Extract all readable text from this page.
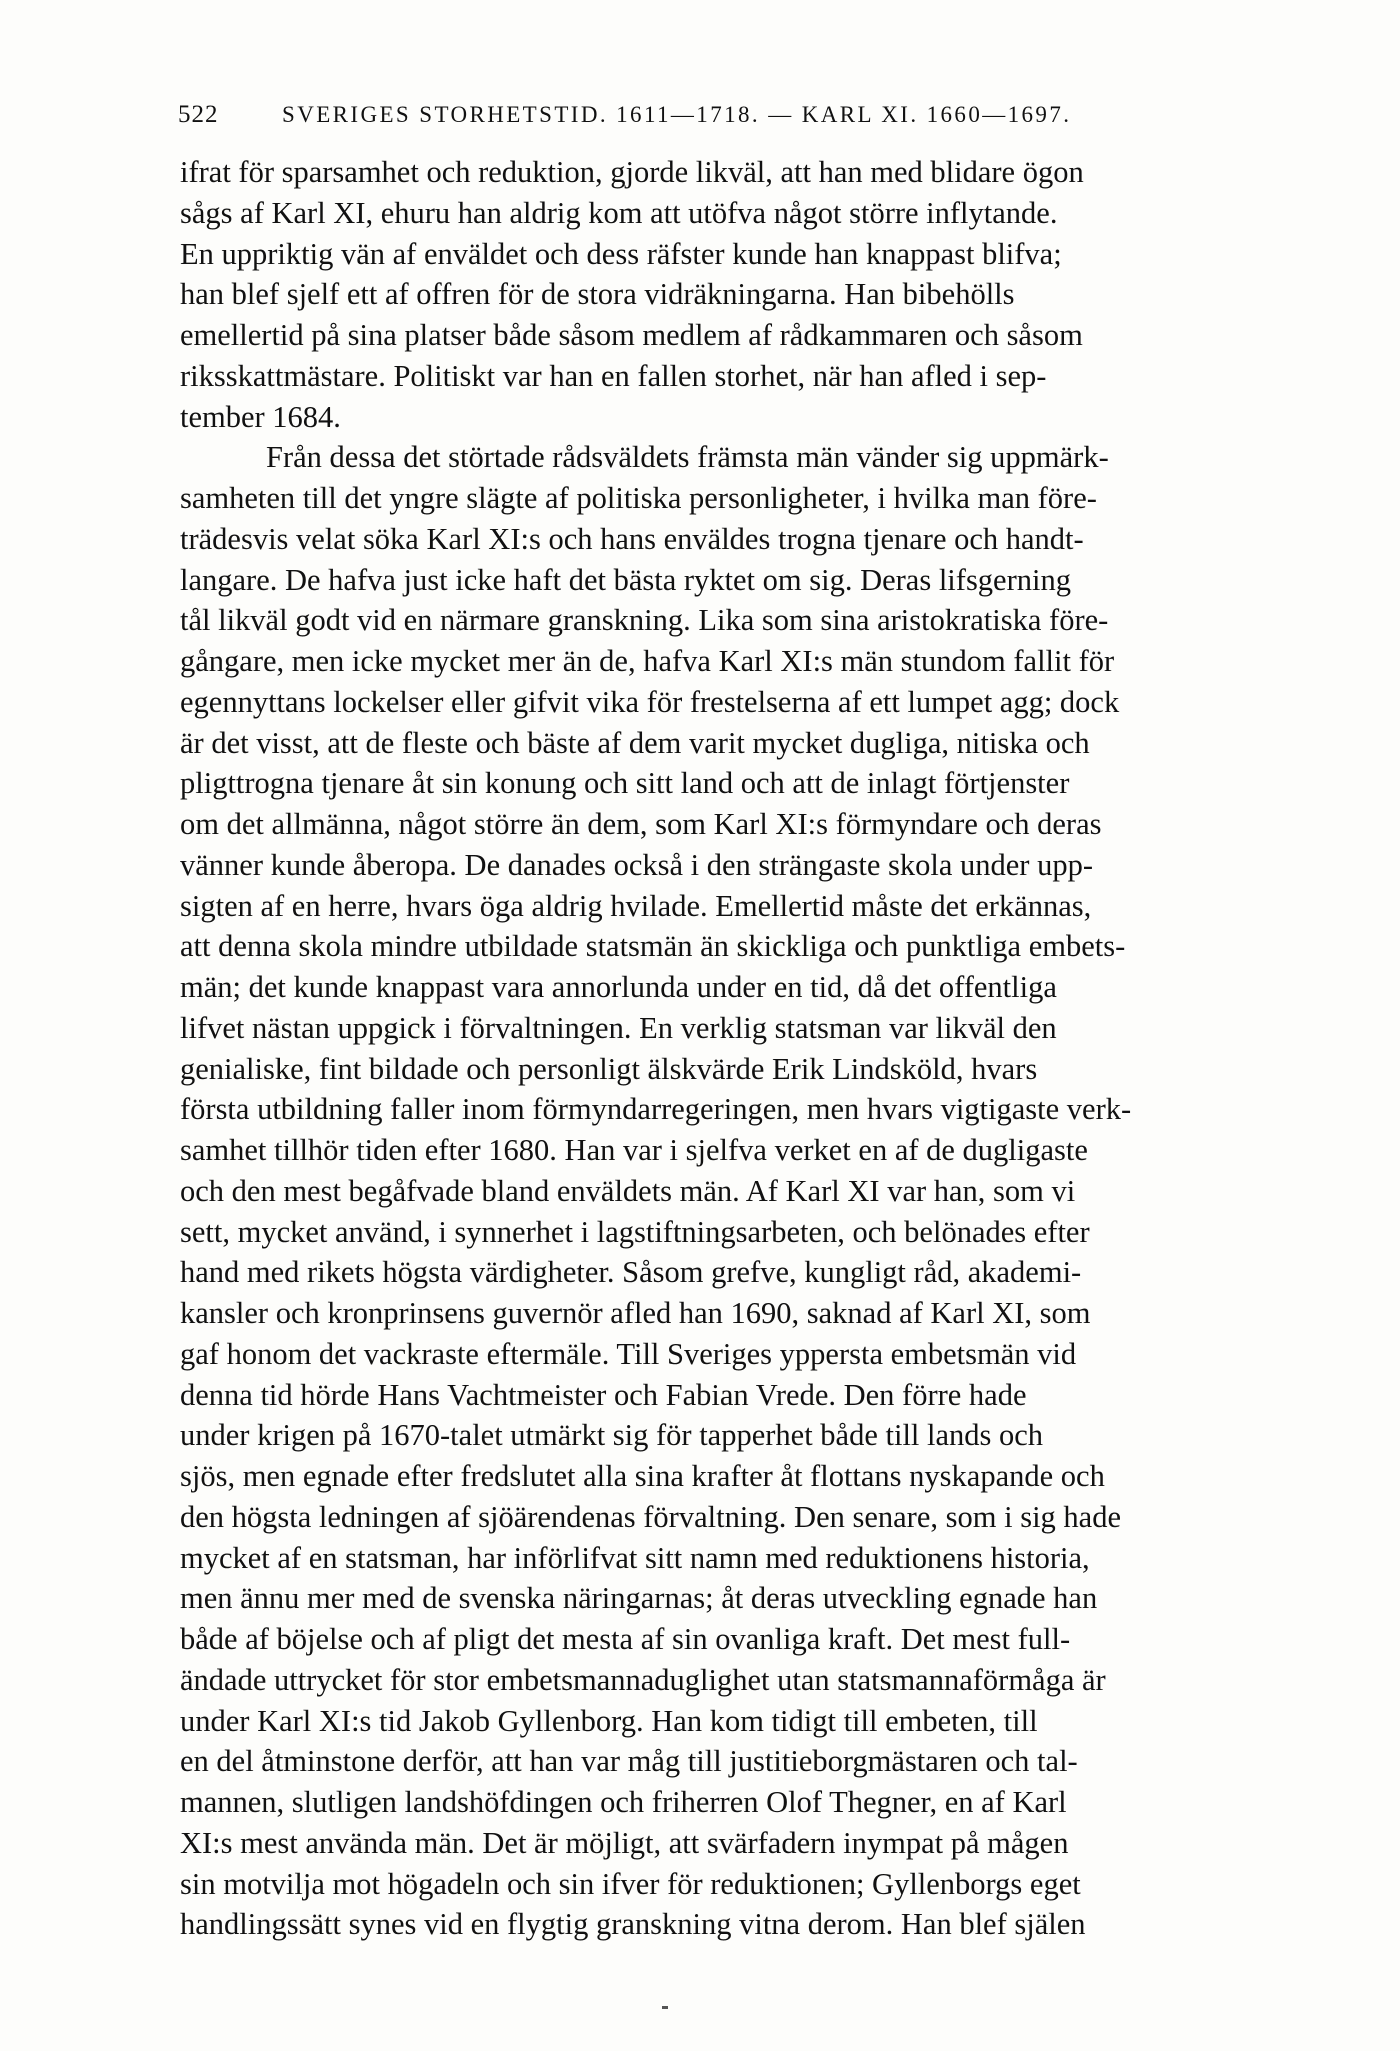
522	SVERIGES STORHETSTID. 1611—1718. — KARL XI. 1660—1697.
ifrat för sparsamhet och reduktion, gjorde likväl, att han med blidare ögon
sågs af Karl XI, ehuru han aldrig kom att utöfva något större inflytande.
En uppriktig vän af enväldet och dess räfster kunde han knappast blifva;
han blef sjelf ett af offren för de stora vidräkningarna. Han bibehölls
emellertid på sina platser både såsom medlem af rådkammaren och såsom
riksskattmästare. Politiskt var han en fallen storhet, när han afled i sep-
tember 1684.
Från dessa det störtade rådsväldets främsta män vänder sig uppmärk-
samheten till det yngre slägte af politiska personligheter, i hvilka man före-
trädesvis velat söka Karl XI:s och hans enväldes trogna tjenare och handt-
langare. De hafva just icke haft det bästa ryktet om sig. Deras lifsgerning
tål likväl godt vid en närmare granskning. Lika som sina aristokratiska före-
gångare, men icke mycket mer än de, hafva Karl XI:s män stundom fallit för
egennyttans lockelser eller gifvit vika för frestelserna af ett lumpet agg; dock
är det visst, att de fleste och bäste af dem varit mycket dugliga, nitiska och
pligttrogna tjenare åt sin konung och sitt land och att de inlagt förtjenster
om det allmänna, något större än dem, som Karl XI:s förmyndare och deras
vänner kunde åberopa. De danades också i den strängaste skola under upp-
sigten af en herre, hvars öga aldrig hvilade. Emellertid måste det erkännas,
att denna skola mindre utbildade statsmän än skickliga och punktliga embets-
män; det kunde knappast vara annorlunda under en tid, då det offentliga
lifvet nästan uppgick i förvaltningen. En verklig statsman var likväl den
genialiske, fint bildade och personligt älskvärde Erik Lindsköld, hvars
första utbildning faller inom förmyndarregeringen, men hvars vigtigaste verk-
samhet tillhör tiden efter 1680. Han var i sjelfva verket en af de dugligaste
och den mest begåfvade bland enväldets män. Af Karl XI var han, som vi
sett, mycket använd, i synnerhet i lagstiftningsarbeten, och belönades efter
hand med rikets högsta värdigheter. Såsom grefve, kungligt råd, akademi-
kansler och kronprinsens guvernör afled han 1690, saknad af Karl XI, som
gaf honom det vackraste eftermäle. Till Sveriges yppersta embetsmän vid
denna tid hörde Hans Vachtmeister och Fabian Vrede. Den förre hade
under krigen på 1670-talet utmärkt sig för tapperhet både till lands och
sjös, men egnade efter fredslutet alla sina krafter åt flottans nyskapande och
den högsta ledningen af sjöärendenas förvaltning. Den senare, som i sig hade
mycket af en statsman, har införlifvat sitt namn med reduktionens historia,
men ännu mer med de svenska näringarnas; åt deras utveckling egnade han
både af böjelse och af pligt det mesta af sin ovanliga kraft. Det mest full-
ändade uttrycket för stor embetsmannaduglighet utan statsmannaförmåga är
under Karl XI:s tid Jakob Gyllenborg. Han kom tidigt till embeten, till
en del åtminstone derför, att han var måg till justitieborgmästaren och tal-
mannen, slutligen landshöfdingen och friherren Olof Thegner, en af Karl
XI:s mest använda män. Det är möjligt, att svärfadern inympat på mågen
sin motvilja mot högadeln och sin ifver för reduktionen; Gyllenborgs eget
handlingssätt synes vid en flygtig granskning vitna derom. Han blef själen
